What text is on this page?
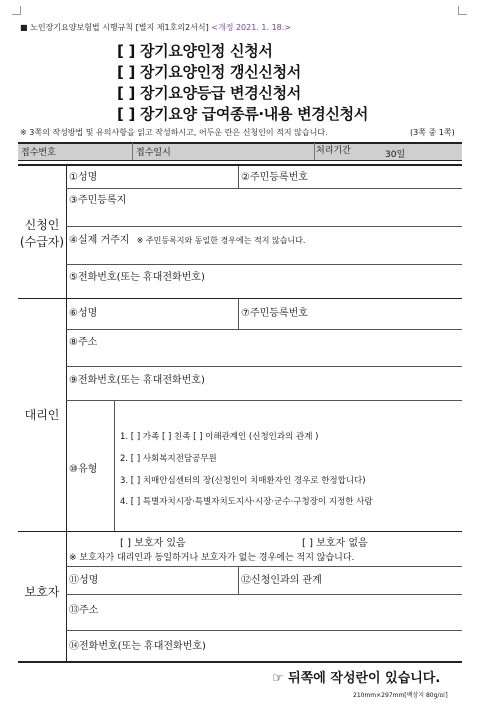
■ 노인장기요양보험법 시행규칙 [별지 제1호의2서식] <개정 2021. 1. 18.>
[ ] 장기요양인정 신청서
[ ] 장기요양인정 갱신신청서
[ ] 장기요양등급 변경신청서
[ ] 장기요양 급여종류·내용 변경신청서
※ 3쪽의 작성방법 및 유의사항을 읽고 작성하시고, 어두운 란은 신청인이 적지 않습니다.	(3쪽 중 1쪽)
접수번호	접수일시	처리기간	30일
신청인
(수급자)
①성명	②주민등록번호
③주민등록지
④실제 거주지 ※ 주민등록지와 동일한 경우에는 적지 않습니다.
⑤전화번호(또는 휴대전화번호)
대리인
⑥성명	⑦주민등록번호
⑧주소
⑨전화번호(또는 휴대전화번호)
⑩유형
1. [ ] 가족 [ ] 친족 [ ] 이해관계인 (신청인과의 관계 )
2. [ ] 사회복지전담공무원
3. [ ] 치매안심센터의 장(신청인이 치매환자인 경우로 한정합니다)
4. [ ] 특별자치시장·특별자치도지사·시장·군수·구청장이 지정한 사람
보호자
[ ] 보호자 있음	[ ] 보호자 없음
※ 보호자가 대리인과 동일하거나 보호자가 없는 경우에는 적지 않습니다.
⑪성명	⑫신청인과의 관계
⑬주소
⑭전화번호(또는 휴대전화번호)
☞ 뒤쪽에 작성란이 있습니다.
210mm×297mm[백상지 80g/㎡]
